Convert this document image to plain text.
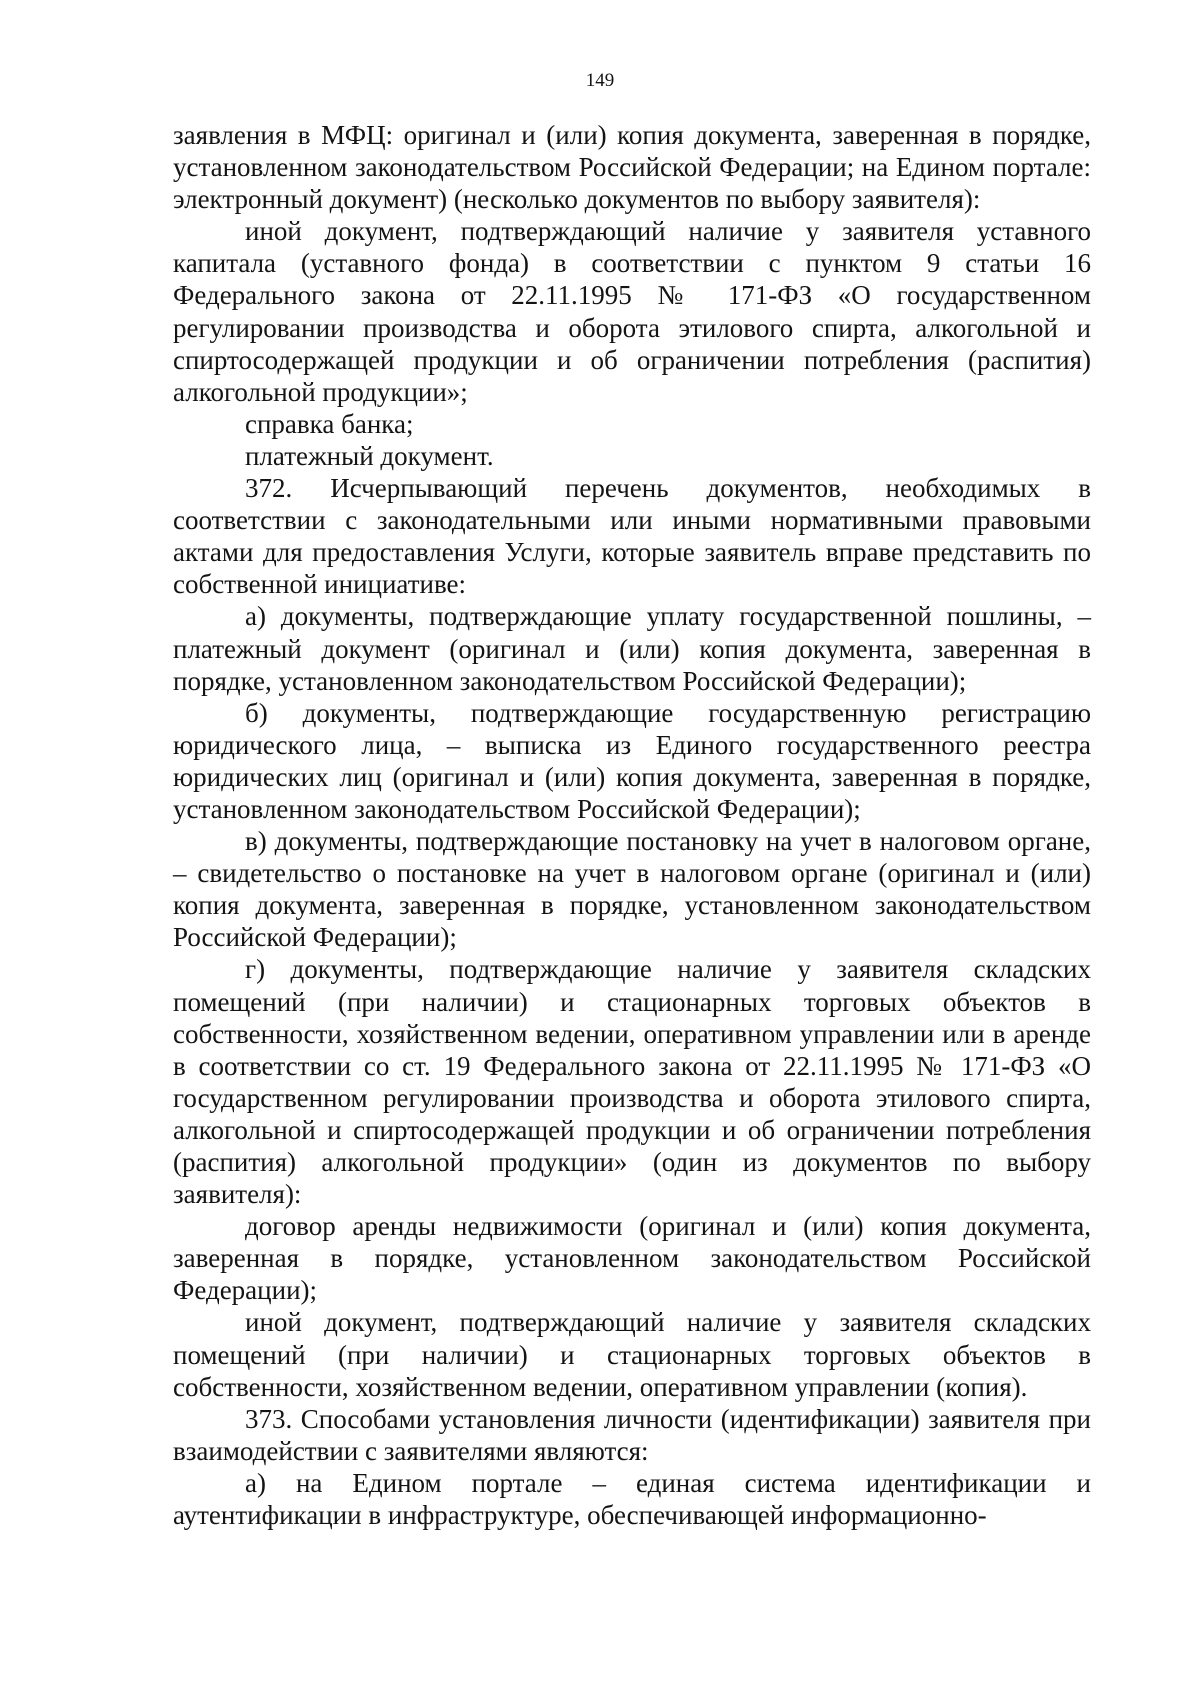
149

заявления в МФЦ: оригинал и (или) копия документа, заверенная в порядке, установленном законодательством Российской Федерации; на Едином портале: электронный документ) (несколько документов по выбору заявителя):

иной документ, подтверждающий наличие у заявителя уставного капитала (уставного фонда) в соответствии с пунктом 9 статьи 16 Федерального закона от 22.11.1995 № 171-ФЗ «О государственном регулировании производства и оборота этилового спирта, алкогольной и спиртосодержащей продукции и об ограничении потребления (распития) алкогольной продукции»;

справка банка;

платежный документ.

372. Исчерпывающий перечень документов, необходимых в соответствии с законодательными или иными нормативными правовыми актами для предоставления Услуги, которые заявитель вправе представить по собственной инициативе:

а) документы, подтверждающие уплату государственной пошлины, – платежный документ (оригинал и (или) копия документа, заверенная в порядке, установленном законодательством Российской Федерации);

б) документы, подтверждающие государственную регистрацию юридического лица, – выписка из Единого государственного реестра юридических лиц (оригинал и (или) копия документа, заверенная в порядке, установленном законодательством Российской Федерации);

в) документы, подтверждающие постановку на учет в налоговом органе, – свидетельство о постановке на учет в налоговом органе (оригинал и (или) копия документа, заверенная в порядке, установленном законодательством Российской Федерации);

г) документы, подтверждающие наличие у заявителя складских помещений (при наличии) и стационарных торговых объектов в собственности, хозяйственном ведении, оперативном управлении или в аренде в соответствии со ст. 19 Федерального закона от 22.11.1995 № 171-ФЗ «О государственном регулировании производства и оборота этилового спирта, алкогольной и спиртосодержащей продукции и об ограничении потребления (распития) алкогольной продукции» (один из документов по выбору заявителя):

договор аренды недвижимости (оригинал и (или) копия документа, заверенная в порядке, установленном законодательством Российской Федерации);

иной документ, подтверждающий наличие у заявителя складских помещений (при наличии) и стационарных торговых объектов в собственности, хозяйственном ведении, оперативном управлении (копия).

373. Способами установления личности (идентификации) заявителя при взаимодействии с заявителями являются:

а) на Едином портале – единая система идентификации и аутентификации в инфраструктуре, обеспечивающей информационно-
